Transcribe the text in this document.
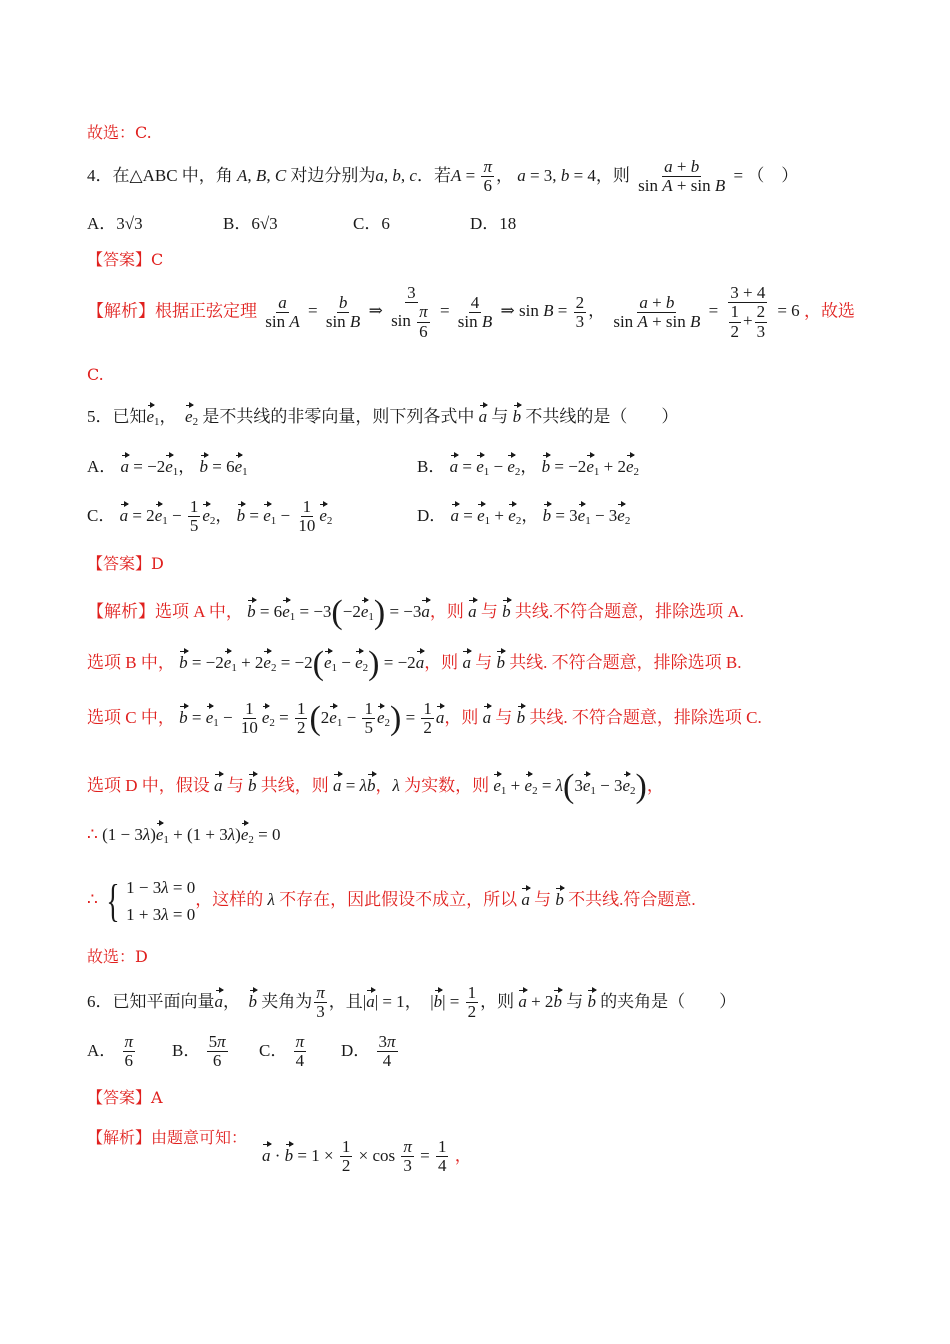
故选：C.
4．在△ABC 中，角 A, B, C 对边分别为a, b, c．若$A = \frac{\pi}{6}$ ， a = 3, b = 4，则 $\frac{a + b}{\text{sin A + sin B}}$ = （　）
A．3√3	B．6√3	C．6	D．18
【答案】C
【解析】根据正弦定理 $\frac{a}{\text{sin A}} = \frac{b}{\text{sin B}}$ ⇒ $\frac{3}{\sin \frac{\pi}{6}} = \frac{4}{\text{sin B}}$ ⇒ $\sin B = \frac{2}{3}$ ， $\frac{a + b}{\text{sin A + sin B}} = \frac{3 + 4}{\frac{1}{2} + \frac{2}{3}} = 6$ ，故选
C.
5．已知$e_1$，  $e_2$ 是不共线的非零向量，则下列各式中 a 与 b 不共线的是（　　）
A． $a = -2e_1$， $b = 6e_1$	B． $a = e_1 - e_2$， $b = -2e_1 + 2e_2$
C． $a = 2e_1 - \frac{1}{5} e_2$， $b = e_1 - \frac{1}{10} e_2$	D． $a = e_1 + e_2$， $b = 3e_1 - 3e_2$
【答案】D
【解析】选项 A 中， $b = 6e_1 = -3(-2e_1) = -3a$，则 a 与 b 共线.不符合题意，排除选项 A.
选项 B 中， $b = -2e_1 + 2e_2 = -2(e_1 - e_2) = -2a$，则 a 与 b 共线. 不符合题意，排除选项 B.
选项 C 中， $b = e_1 - \frac{1}{10} e_2 = \frac{1}{2} (2e_1 - \frac{1}{5} e_2) = \frac{1}{2}$ a，则 a 与 b 共线. 不符合题意，排除选项 C.
选项 D 中，假设 a 与 b 共线，则 a = λb，λ 为实数，则 $e_1 + e_2 = \lambda(3e_1 - 3e_2)$，
∴ $(1 - 3\lambda)e_1 + (1 + 3\lambda)e_2 = 0$
∴ { 1 − 3λ = 0
1 + 3λ = 0
，这样的 λ 不存在，因此假设不成立，所以 a 与 b 不共线.符合题意.
故选：D
6．已知平面向量a，  b 夹角为 $\frac{\pi}{3}$ ，且|a| = 1，  $|b| = \frac{1}{2}$ ，则 a + 2b 与 b 的夹角是（　　）
A． $\frac{\pi}{6}$ B． $\frac{5\pi}{6}$ C． $\frac{\pi}{4}$ D． $\frac{3\pi}{4}$
【答案】A
【解析】由题意可知：
$a \cdot b = 1 \times \frac{1}{2} \times \cos \frac{\pi}{3} = \frac{1}{4}$ ，
